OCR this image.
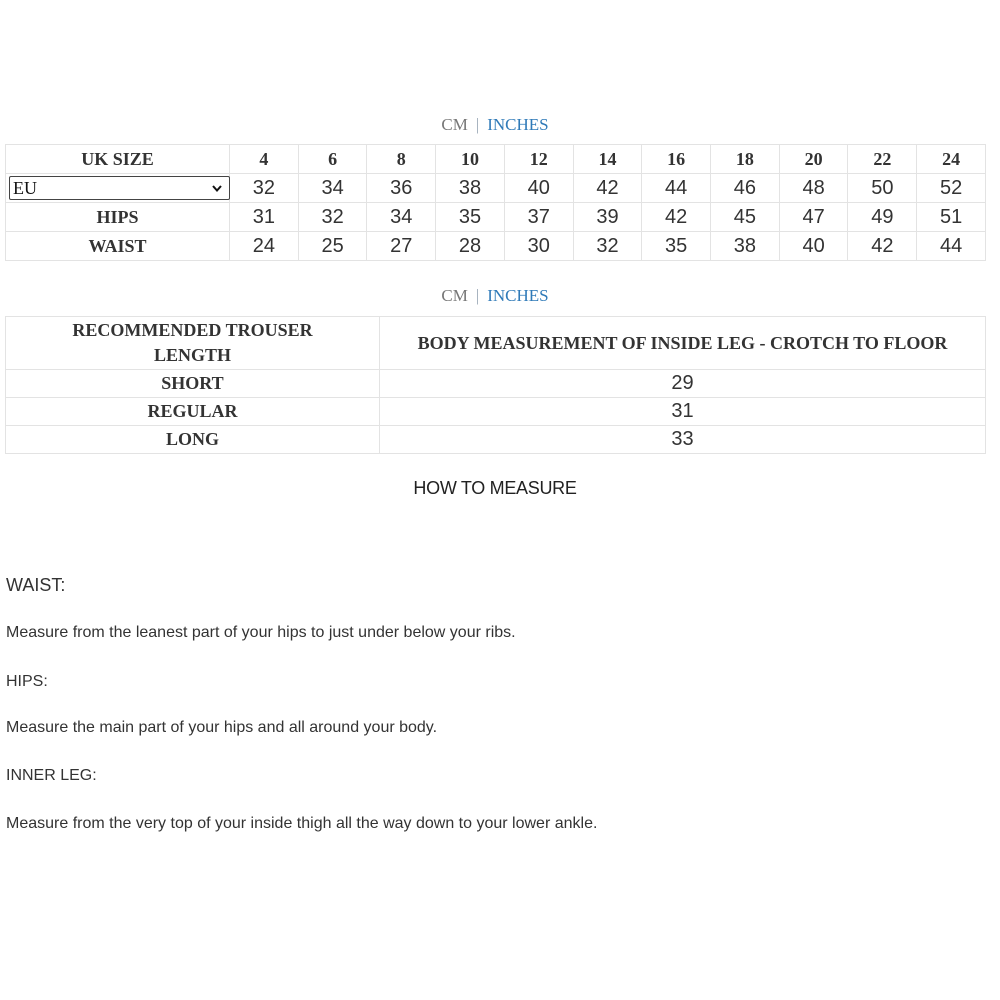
CM | INCHES
UK SIZE	4	6	8	10	12	14	16	18	20	22	24

EU	32	34	36	38	40	42	44	46	48	50	52
HIPS	31	32	34	35	37	39	42	45	47	49	51
WAIST	24	25	27	28	30	32	35	38	40	42	44
CM | INCHES
RECOMMENDED TROUSER LENGTH	BODY MEASUREMENT OF INSIDE LEG - CROTCH TO FLOOR
SHORT	29
REGULAR	31
LONG	33
HOW TO MEASURE
WAIST:
Measure from the leanest part of your hips to just under below your ribs.
HIPS:
Measure the main part of your hips and all around your body.
INNER LEG:
Measure from the very top of your inside thigh all the way down to your lower ankle.
